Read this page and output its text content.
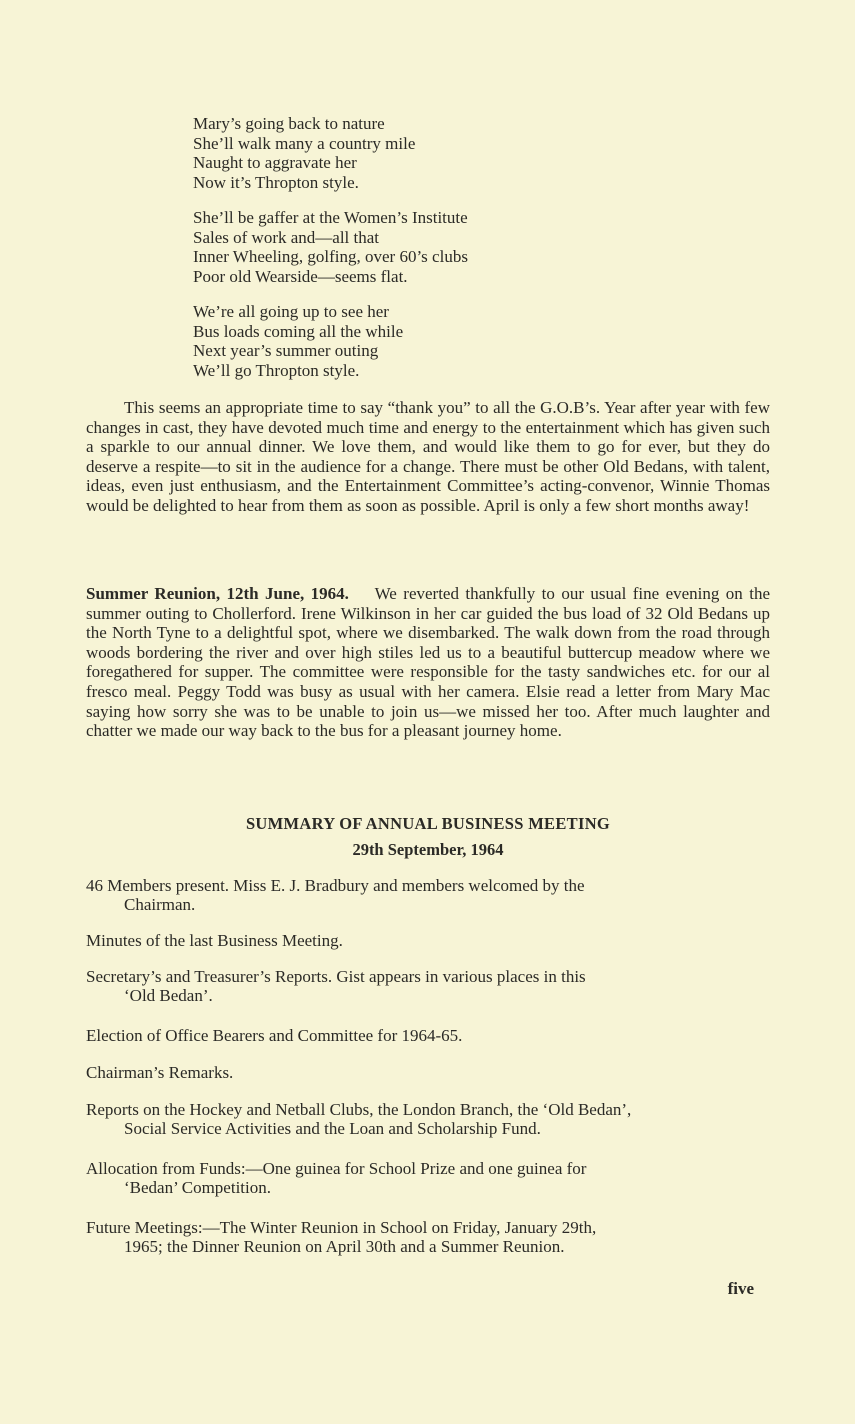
Mary’s going back to nature
She’ll walk many a country mile
Naught to aggravate her
Now it’s Thropton style.
She’ll be gaffer at the Women’s Institute
Sales of work and—all that
Inner Wheeling, golfing, over 60’s clubs
Poor old Wearside—seems flat.
We’re all going up to see her
Bus loads coming all the while
Next year’s summer outing
We’ll go Thropton style.
This seems an appropriate time to say “thank you” to all the G.O.B’s. Year after year with few changes in cast, they have devoted much time and energy to the entertainment which has given such a sparkle to our annual dinner. We love them, and would like them to go for ever, but they do deserve a respite—to sit in the audience for a change. There must be other Old Bedans, with talent, ideas, even just enthusiasm, and the Entertainment Committee’s acting-convenor, Winnie Thomas would be delighted to hear from them as soon as possible. April is only a few short months away!
Summer Reunion, 12th June, 1964. We reverted thankfully to our usual fine evening on the summer outing to Chollerford. Irene Wilkinson in her car guided the bus load of 32 Old Bedans up the North Tyne to a delightful spot, where we disembarked. The walk down from the road through woods bordering the river and over high stiles led us to a beautiful buttercup meadow where we foregathered for supper. The committee were responsible for the tasty sandwiches etc. for our al fresco meal. Peggy Todd was busy as usual with her camera. Elsie read a letter from Mary Mac saying how sorry she was to be unable to join us—we missed her too. After much laughter and chatter we made our way back to the bus for a pleasant journey home.
SUMMARY OF ANNUAL BUSINESS MEETING
29th September, 1964
46 Members present. Miss E. J. Bradbury and members welcomed by the
Chairman.
Minutes of the last Business Meeting.
Secretary’s and Treasurer’s Reports. Gist appears in various places in this
‘Old Bedan’.
Election of Office Bearers and Committee for 1964-65.
Chairman’s Remarks.
Reports on the Hockey and Netball Clubs, the London Branch, the ‘Old Bedan’,
Social Service Activities and the Loan and Scholarship Fund.
Allocation from Funds:—One guinea for School Prize and one guinea for
‘Bedan’ Competition.
Future Meetings:—The Winter Reunion in School on Friday, January 29th,
1965; the Dinner Reunion on April 30th and a Summer Reunion.
five
